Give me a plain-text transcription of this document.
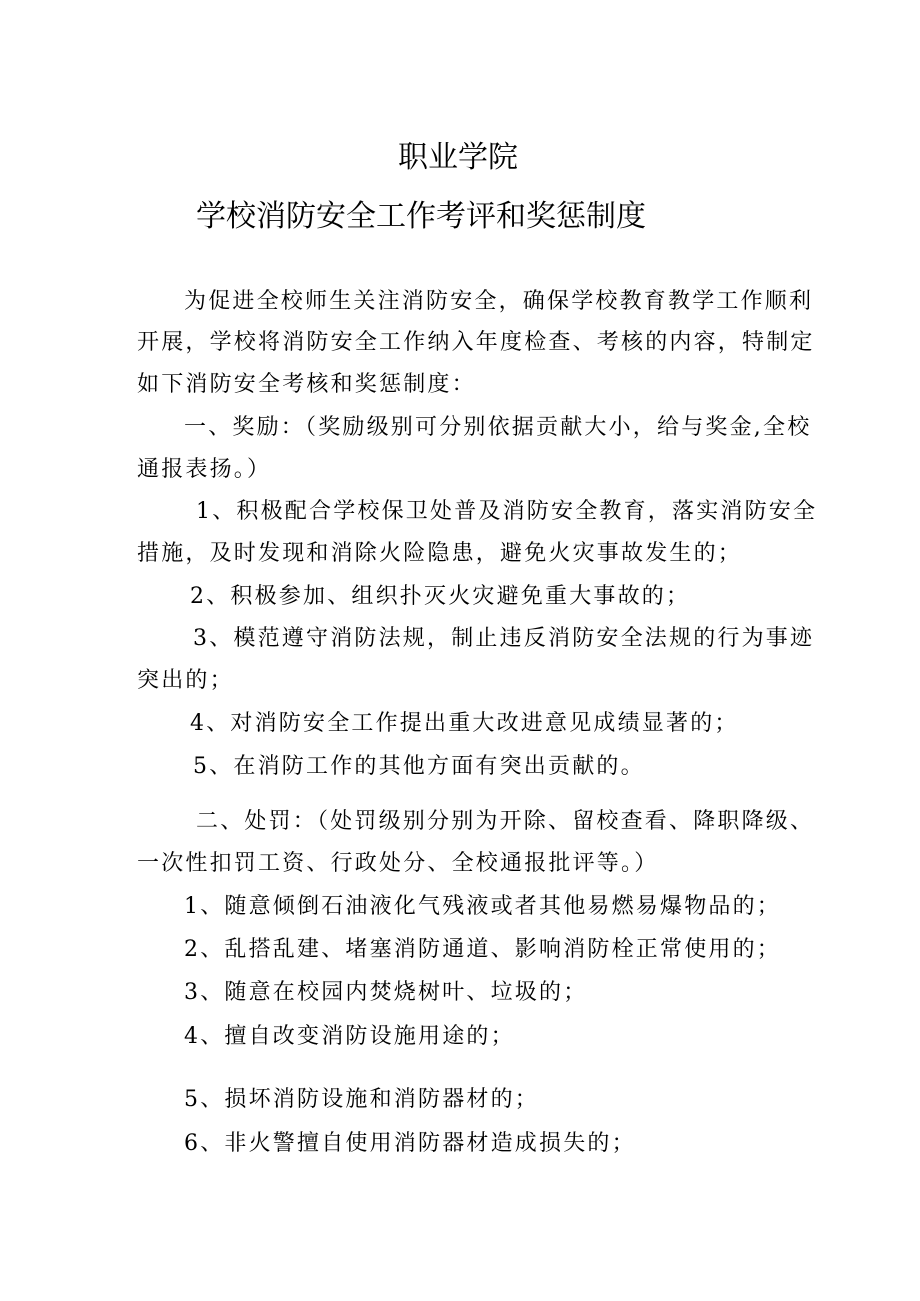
职业学院
学校消防安全工作考评和奖惩制度

为促进全校师生关注消防安全，确保学校教育教学工作顺利

开展，学校将消防安全工作纳入年度检查、考核的内容，特制定

如下消防安全考核和奖惩制度：

一、奖励：（奖励级别可分别依据贡献大小，给与奖金,全校

通报表扬。）

1、积极配合学校保卫处普及消防安全教育，落实消防安全

措施，及时发现和消除火险隐患，避免火灾事故发生的；

2、积极参加、组织扑灭火灾避免重大事故的；

3、模范遵守消防法规，制止违反消防安全法规的行为事迹

突出的；

4、对消防安全工作提出重大改进意见成绩显著的；

5、在消防工作的其他方面有突出贡献的。

二、处罚：（处罚级别分别为开除、留校查看、降职降级、

一次性扣罚工资、行政处分、全校通报批评等。）

1、随意倾倒石油液化气残液或者其他易燃易爆物品的；

2、乱搭乱建、堵塞消防通道、影响消防栓正常使用的；

3、随意在校园内焚烧树叶、垃圾的；

4、擅自改变消防设施用途的；

5、损坏消防设施和消防器材的；

6、非火警擅自使用消防器材造成损失的；
